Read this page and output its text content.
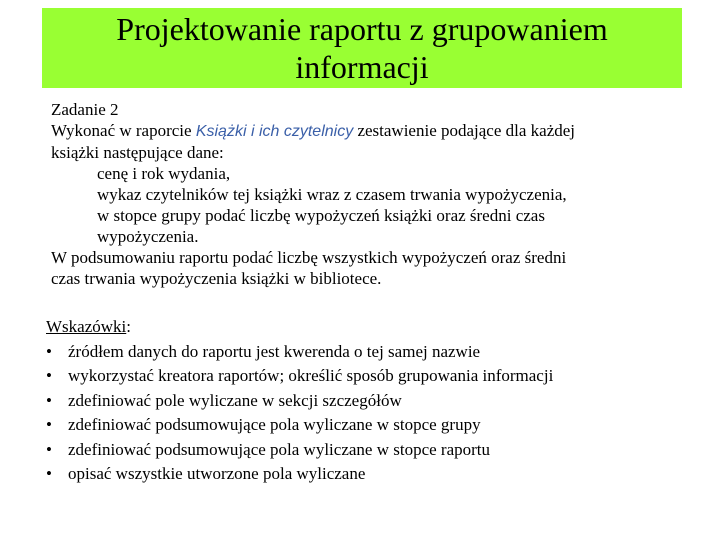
Projektowanie raportu z grupowaniem
informacji

Zadanie 2

Wykonać w raporcie Książki i ich czytelnicy zestawienie podające dla każdej

książki następujące dane:

cenę i rok wydania,

wykaz czytelników tej książki wraz z czasem trwania wypożyczenia,

w stopce grupy podać liczbę wypożyczeń książki oraz średni czas wypożyczenia.

W podsumowaniu raportu podać liczbę wszystkich wypożyczeń oraz średni

czas trwania wypożyczenia książki w bibliotece.

Wskazówki:
• źródłem danych do raportu jest kwerenda o tej samej nazwie
• wykorzystać kreatora raportów; określić sposób grupowania informacji
• zdefiniować pole wyliczane w sekcji szczegółów
• zdefiniować podsumowujące pola wyliczane w stopce grupy
• zdefiniować podsumowujące pola wyliczane w stopce raportu
• opisać wszystkie utworzone pola wyliczane
